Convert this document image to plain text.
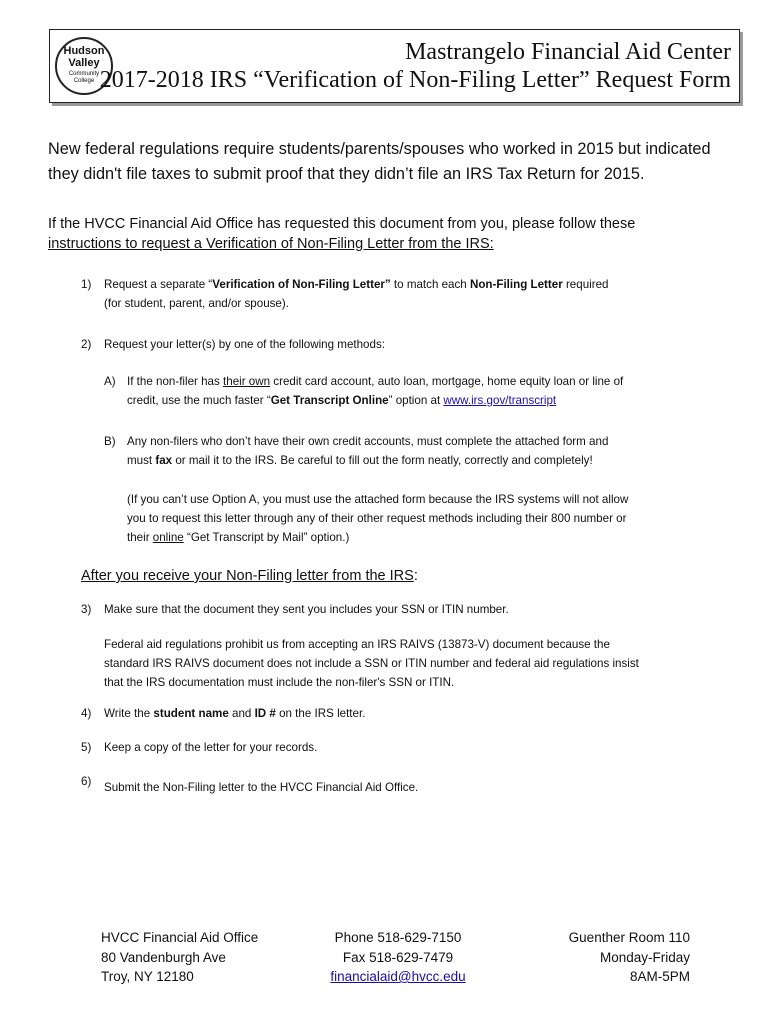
Hudson
Valley
Community
College
Mastrangelo Financial Aid Center
2017-2018 IRS “Verification of Non-Filing Letter” Request Form
New federal regulations require students/parents/spouses who worked in 2015 but indicated they didn't file taxes to submit proof that they didn’t file an IRS Tax Return for 2015.
If the HVCC Financial Aid Office has requested this document from you, please follow these
instructions to request a Verification of Non-Filing Letter from the IRS:
1) Request a separate “Verification of Non-Filing Letter” to match each Non-Filing Letter required
(for student, parent, and/or spouse).
2) Request your letter(s) by one of the following methods:
A) If the non-filer has their own credit card account, auto loan, mortgage, home equity loan or line of
credit, use the much faster “Get Transcript Online” option at www.irs.gov/transcript
B) Any non-filers who don’t have their own credit accounts, must complete the attached form and
must fax or mail it to the IRS. Be careful to fill out the form neatly, correctly and completely!
(If you can’t use Option A, you must use the attached form because the IRS systems will not allow
you to request this letter through any of their other request methods including their 800 number or
their online “Get Transcript by Mail” option.)
After you receive your Non-Filing letter from the IRS:
3) Make sure that the document they sent you includes your SSN or ITIN number.
Federal aid regulations prohibit us from accepting an IRS RAIVS (13873-V) document because the
standard IRS RAIVS document does not include a SSN or ITIN number and federal aid regulations insist
that the IRS documentation must include the non-filer's SSN or ITIN.
4) Write the student name and ID # on the IRS letter.
5) Keep a copy of the letter for your records.
6) Submit the Non-Filing letter to the HVCC Financial Aid Office.
HVCC Financial Aid Office
80 Vandenburgh Ave
Troy, NY 12180
Phone 518-629-7150
Fax 518-629-7479
financialaid@hvcc.edu
Guenther Room 110
Monday-Friday
8AM-5PM
